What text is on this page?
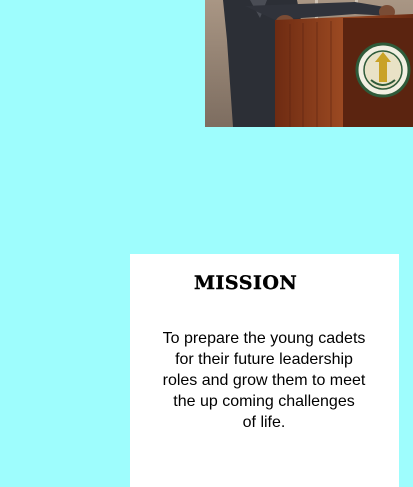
MISSION

To prepare the young cadets
for their future leadership
roles and grow them to meet
the up coming challenges
of life.
